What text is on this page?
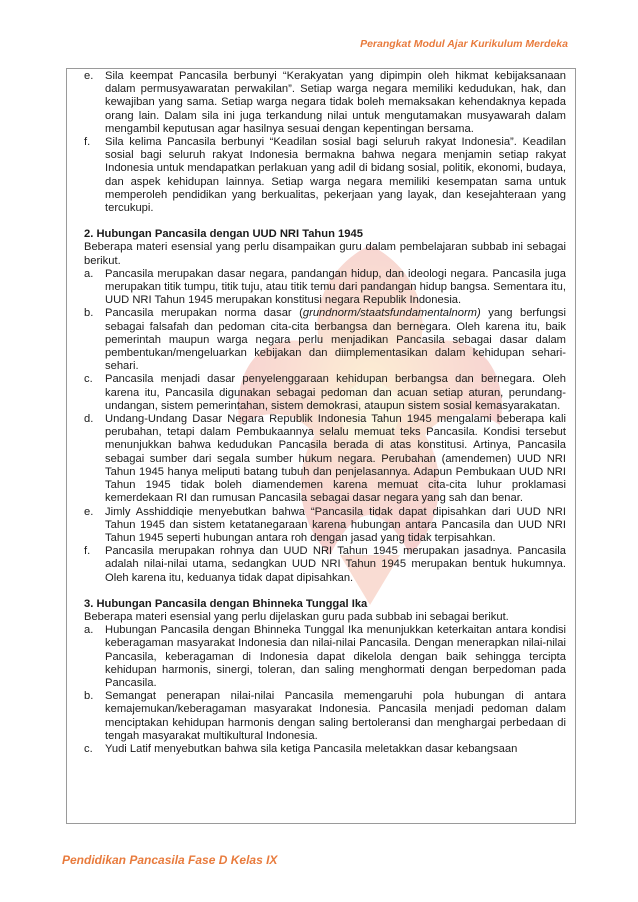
Perangkat Modul Ajar Kurikulum Merdeka
e.	Sila keempat Pancasila berbunyi “Kerakyatan yang dipimpin oleh hikmat kebijaksanaan dalam permusyawaratan perwakilan”. Setiap warga negara memiliki kedudukan, hak, dan kewajiban yang sama. Setiap warga negara tidak boleh memaksakan kehendaknya kepada orang lain. Dalam sila ini juga terkandung nilai untuk mengutamakan musyawarah dalam mengambil keputusan agar hasilnya sesuai dengan kepentingan bersama.
f.	Sila kelima Pancasila berbunyi “Keadilan sosial bagi seluruh rakyat Indonesia”. Keadilan sosial bagi seluruh rakyat Indonesia bermakna bahwa negara menjamin setiap rakyat Indonesia untuk mendapatkan perlakuan yang adil di bidang sosial, politik, ekonomi, budaya, dan aspek kehidupan lainnya. Setiap warga negara memiliki kesempatan sama untuk memperoleh pendidikan yang berkualitas, pekerjaan yang layak, dan kesejahteraan yang tercukupi.
2. Hubungan Pancasila dengan UUD NRI Tahun 1945

Beberapa materi esensial yang perlu disampaikan guru dalam pembelajaran subbab ini sebagai berikut.

a.	Pancasila merupakan dasar negara, pandangan hidup, dan ideologi negara. Pancasila juga merupakan titik tumpu, titik tuju, atau titik temu dari pandangan hidup bangsa. Sementara itu, UUD NRI Tahun 1945 merupakan konstitusi negara Republik Indonesia.
b.	Pancasila merupakan norma dasar (grundnorm/staatsfundamentalnorm) yang berfungsi sebagai falsafah dan pedoman cita-cita berbangsa dan bernegara. Oleh karena itu, baik pemerintah maupun warga negara perlu menjadikan Pancasila sebagai dasar dalam pembentukan/mengeluarkan kebijakan dan diimplementasikan dalam kehidupan sehari-sehari.
c.	Pancasila menjadi dasar penyelenggaraan kehidupan berbangsa dan bernegara. Oleh karena itu, Pancasila digunakan sebagai pedoman dan acuan setiap aturan, perundang-undangan, sistem pemerintahan, sistem demokrasi, ataupun sistem sosial kemasyarakatan.
d.	Undang-Undang Dasar Negara Republik Indonesia Tahun 1945 mengalami beberapa kali perubahan, tetapi dalam Pembukaannya selalu memuat teks Pancasila. Kondisi tersebut menunjukkan bahwa kedudukan Pancasila berada di atas konstitusi. Artinya, Pancasila sebagai sumber dari segala sumber hukum negara. Perubahan (amendemen) UUD NRI Tahun 1945 hanya meliputi batang tubuh dan penjelasannya. Adapun Pembukaan UUD NRI Tahun 1945 tidak boleh diamendemen karena memuat cita-cita luhur proklamasi kemerdekaan RI dan rumusan Pancasila sebagai dasar negara yang sah dan benar.
e.	Jimly Asshiddiqie menyebutkan bahwa “Pancasila tidak dapat dipisahkan dari UUD NRI Tahun 1945 dan sistem ketatanegaraan karena hubungan antara Pancasila dan UUD NRI Tahun 1945 seperti hubungan antara roh dengan jasad yang tidak terpisahkan.
f.	Pancasila merupakan rohnya dan UUD NRI Tahun 1945 merupakan jasadnya. Pancasila adalah nilai-nilai utama, sedangkan UUD NRI Tahun 1945 merupakan bentuk hukumnya. Oleh karena itu, keduanya tidak dapat dipisahkan.
3. Hubungan Pancasila dengan Bhinneka Tunggal Ika

Beberapa materi esensial yang perlu dijelaskan guru pada subbab ini sebagai berikut.

a.	Hubungan Pancasila dengan Bhinneka Tunggal Ika menunjukkan keterkaitan antara kondisi keberagaman masyarakat Indonesia dan nilai-nilai Pancasila. Dengan menerapkan nilai-nilai Pancasila, keberagaman di Indonesia dapat dikelola dengan baik sehingga tercipta kehidupan harmonis, sinergi, toleran, dan saling menghormati dengan berpedoman pada Pancasila.
b.	Semangat penerapan nilai-nilai Pancasila memengaruhi pola hubungan di antara kemajemukan/keberagaman masyarakat Indonesia. Pancasila menjadi pedoman dalam menciptakan kehidupan harmonis dengan saling bertoleransi dan menghargai perbedaan di tengah masyarakat multikultural Indonesia.
c.	Yudi Latif menyebutkan bahwa sila ketiga Pancasila meletakkan dasar kebangsaan
Pendidikan Pancasila Fase D Kelas IX
